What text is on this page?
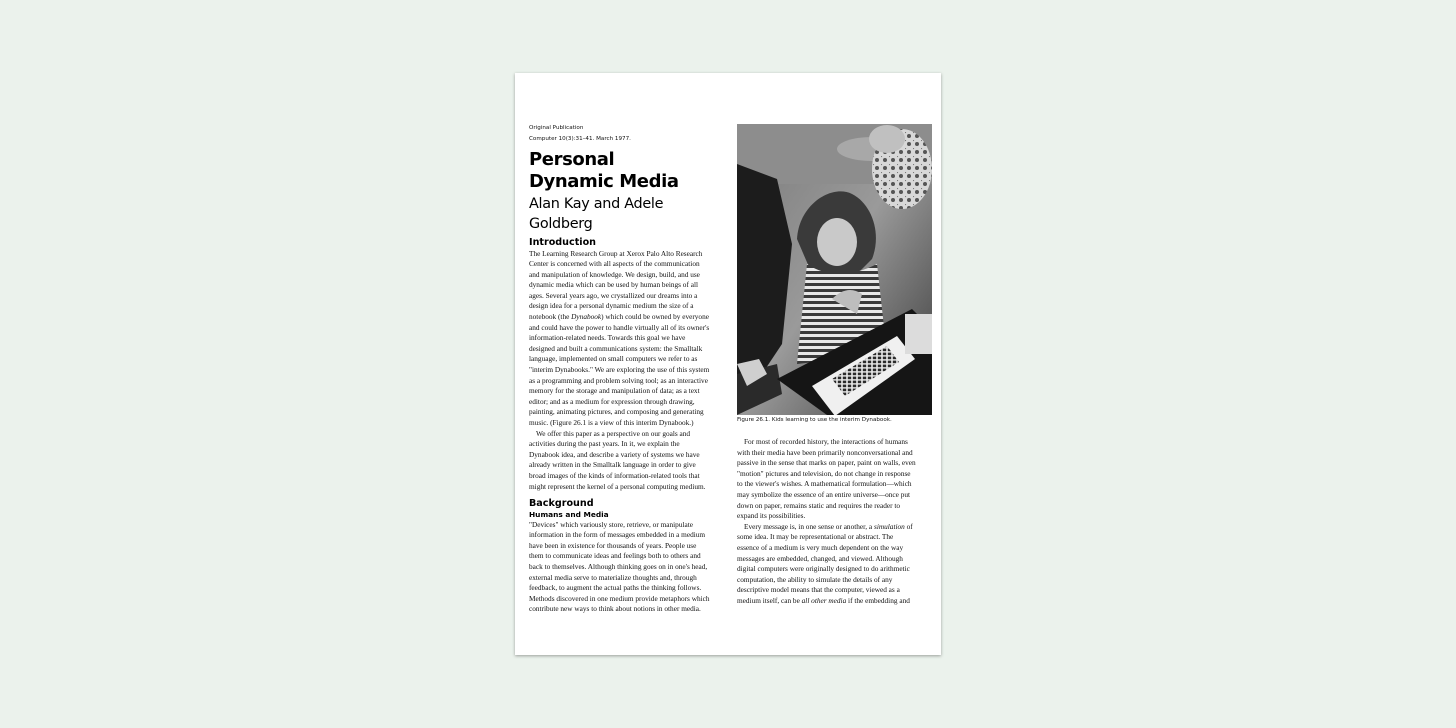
Original Publication
Computer 10(3):31–41. March 1977.
Personal
Dynamic Media
Alan Kay and Adele Goldberg
Introduction

The Learning Research Group at Xerox Palo Alto Research
Center is concerned with all aspects of the communication
and manipulation of knowledge. We design, build, and use
dynamic media which can be used by human beings of all
ages. Several years ago, we crystallized our dreams into a
design idea for a personal dynamic medium the size of a
notebook (the Dynabook) which could be owned by everyone
and could have the power to handle virtually all of its owner's
information-related needs. Towards this goal we have
designed and built a communications system: the Smalltalk
language, implemented on small computers we refer to as
"interim Dynabooks." We are exploring the use of this system
as a programming and problem solving tool; as an interactive
memory for the storage and manipulation of data; as a text
editor; and as a medium for expression through drawing,
painting, animating pictures, and composing and generating
music. (Figure 26.1 is a view of this interim Dynabook.)

We offer this paper as a perspective on our goals and
activities during the past years. In it, we explain the
Dynabook idea, and describe a variety of systems we have
already written in the Smalltalk language in order to give
broad images of the kinds of information-related tools that
might represent the kernel of a personal computing medium.

Background
Humans and Media

"Devices" which variously store, retrieve, or manipulate
information in the form of messages embedded in a medium
have been in existence for thousands of years. People use
them to communicate ideas and feelings both to others and
back to themselves. Although thinking goes on in one's head,
external media serve to materialize thoughts and, through
feedback, to augment the actual paths the thinking follows.
Methods discovered in one medium provide metaphors which
contribute new ways to think about notions in other media.

Figure 26.1. Kids learning to use the interim Dynabook.

For most of recorded history, the interactions of humans
with their media have been primarily nonconversational and
passive in the sense that marks on paper, paint on walls, even
"motion" pictures and television, do not change in response
to the viewer's wishes. A mathematical formulation—which
may symbolize the essence of an entire universe—once put
down on paper, remains static and requires the reader to
expand its possibilities.

Every message is, in one sense or another, a simulation of
some idea. It may be representational or abstract. The
essence of a medium is very much dependent on the way
messages are embedded, changed, and viewed. Although
digital computers were originally designed to do arithmetic
computation, the ability to simulate the details of any
descriptive model means that the computer, viewed as a
medium itself, can be all other media if the embedding and
